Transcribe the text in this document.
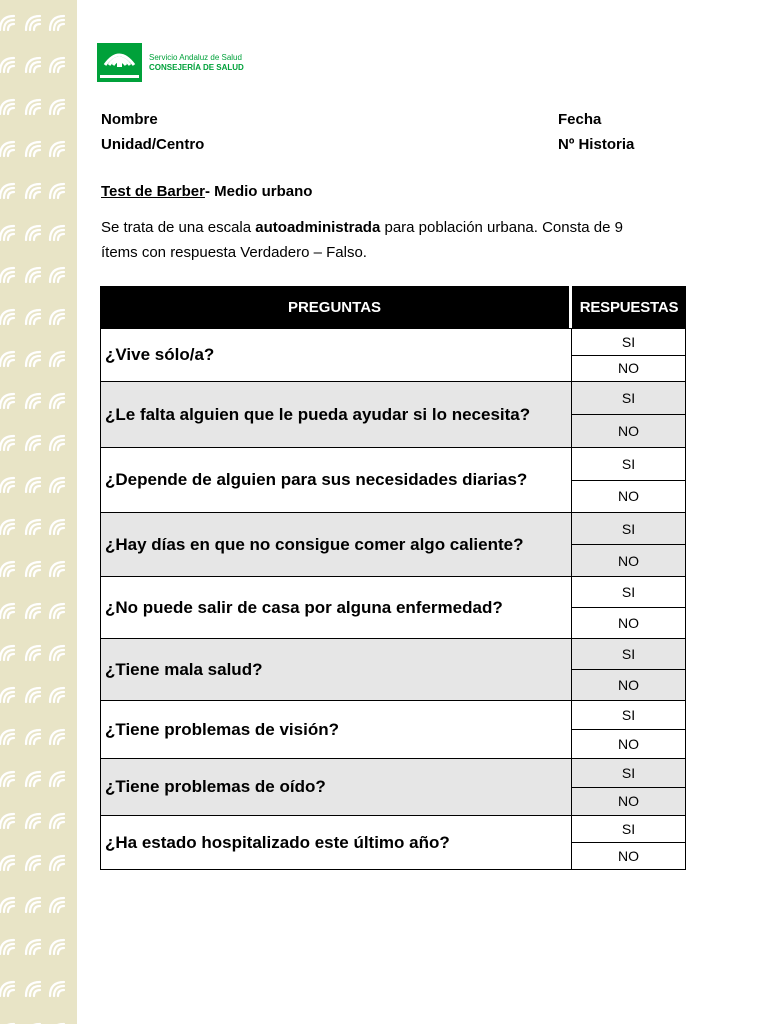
Servicio Andaluz de Salud
CONSEJERÍA DE SALUD
Nombre	Fecha
Unidad/Centro	Nº Historia
Test de Barber- Medio urbano
Se trata de una escala autoadministrada para población urbana. Consta de 9 ítems con respuesta Verdadero – Falso.
PREGUNTAS	RESPUESTAS
¿Vive sólo/a?
SI
NO
¿Le falta alguien que le pueda ayudar si lo necesita?
SI
NO
¿Depende de alguien para sus necesidades diarias?
SI
NO
¿Hay días en que no consigue comer algo caliente?
SI
NO
¿No puede salir de casa por alguna enfermedad?
SI
NO
¿Tiene mala salud?
SI
NO
¿Tiene problemas de visión?
SI
NO
¿Tiene problemas de oído?
SI
NO
¿Ha estado hospitalizado este último año?
SI
NO
